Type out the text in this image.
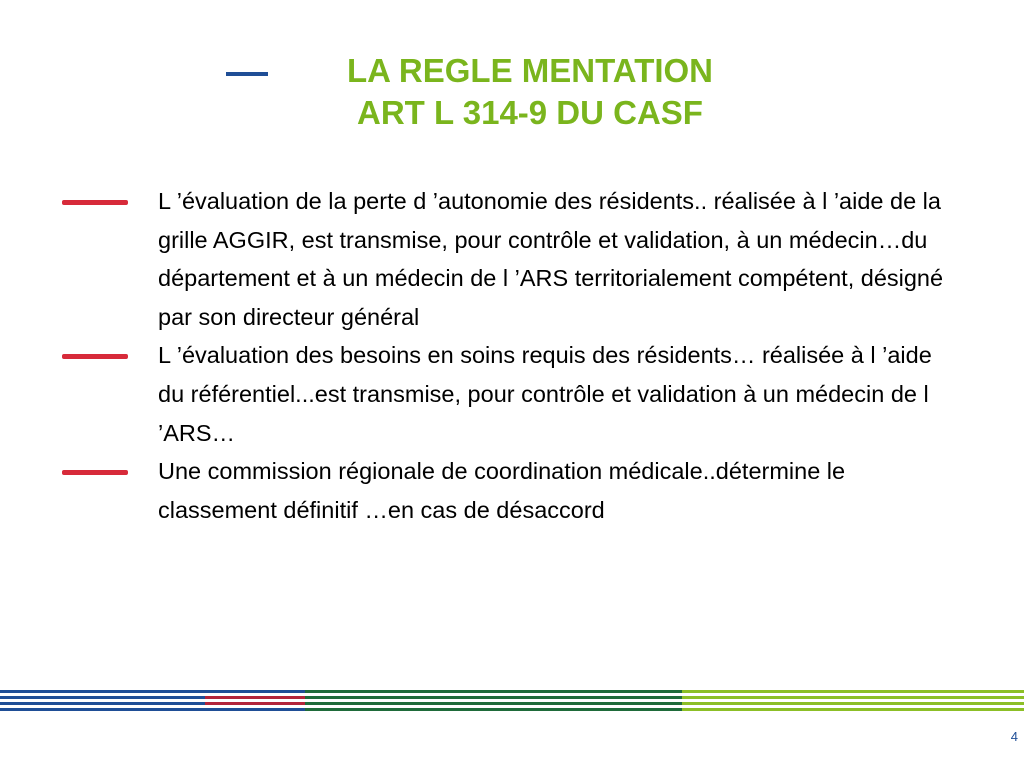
LA REGLE MENTATION
ART L 314-9 DU CASF
L ’évaluation de la perte d ’autonomie des résidents.. réalisée à l ’aide de la grille AGGIR, est transmise, pour contrôle et validation, à un médecin…du département et à un médecin de l ’ARS territorialement compétent, désigné par son directeur général
L ’évaluation des besoins en soins requis des résidents… réalisée à l ’aide du référentiel...est transmise, pour contrôle et validation à un médecin de l ’ARS…
Une commission régionale de coordination médicale..détermine le classement définitif …en cas de désaccord
4
